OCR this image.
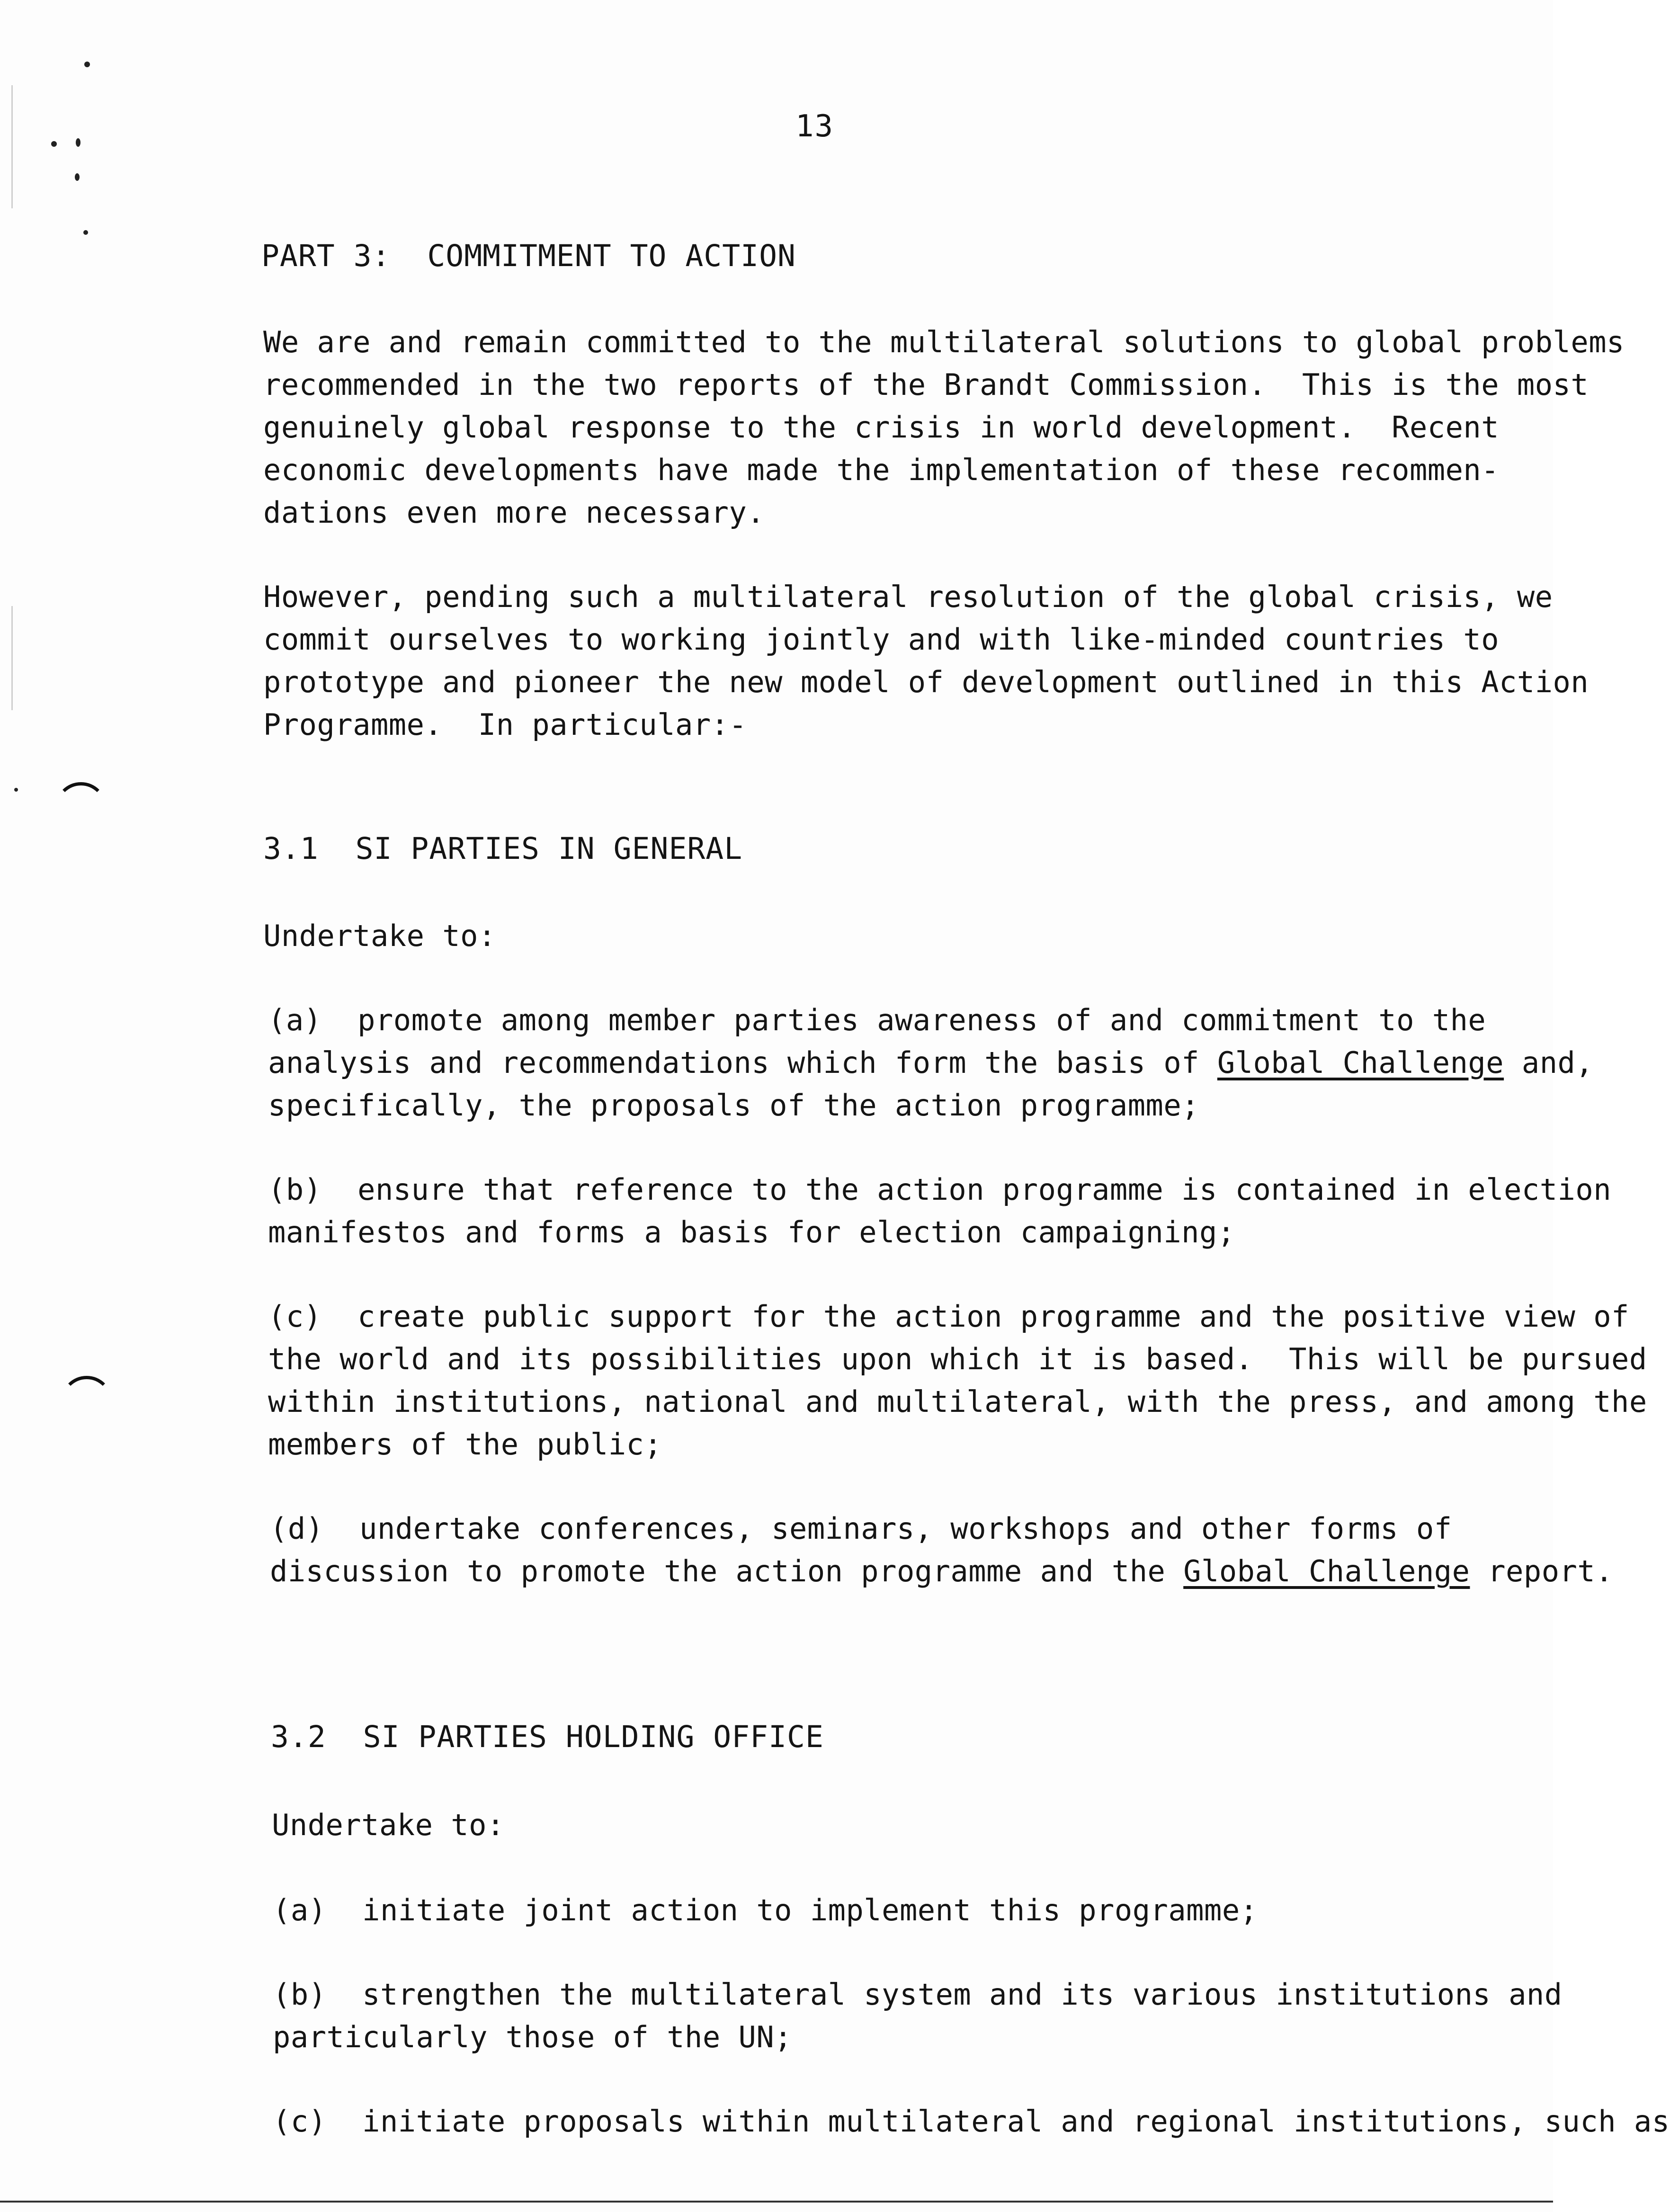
13
PART 3:  COMMITMENT TO ACTION
We are and remain committed to the multilateral solutions to global problems
recommended in the two reports of the Brandt Commission.  This is the most
genuinely global response to the crisis in world development.  Recent
economic developments have made the implementation of these recommen-
dations even more necessary.
However, pending such a multilateral resolution of the global crisis, we
commit ourselves to working jointly and with like-minded countries to
prototype and pioneer the new model of development outlined in this Action
Programme.  In particular:-
3.1  SI PARTIES IN GENERAL
Undertake to:
(a)  promote among member parties awareness of and commitment to the
analysis and recommendations which form the basis of Global Challenge and,
specifically, the proposals of the action programme;
(b)  ensure that reference to the action programme is contained in election
manifestos and forms a basis for election campaigning;
(c)  create public support for the action programme and the positive view of
the world and its possibilities upon which it is based.  This will be pursued
within institutions, national and multilateral, with the press, and among the
members of the public;
(d)  undertake conferences, seminars, workshops and other forms of
discussion to promote the action programme and the Global Challenge report.
3.2  SI PARTIES HOLDING OFFICE
Undertake to:
(a)  initiate joint action to implement this programme;
(b)  strengthen the multilateral system and its various institutions and
particularly those of the UN;
(c)  initiate proposals within multilateral and regional institutions, such as
